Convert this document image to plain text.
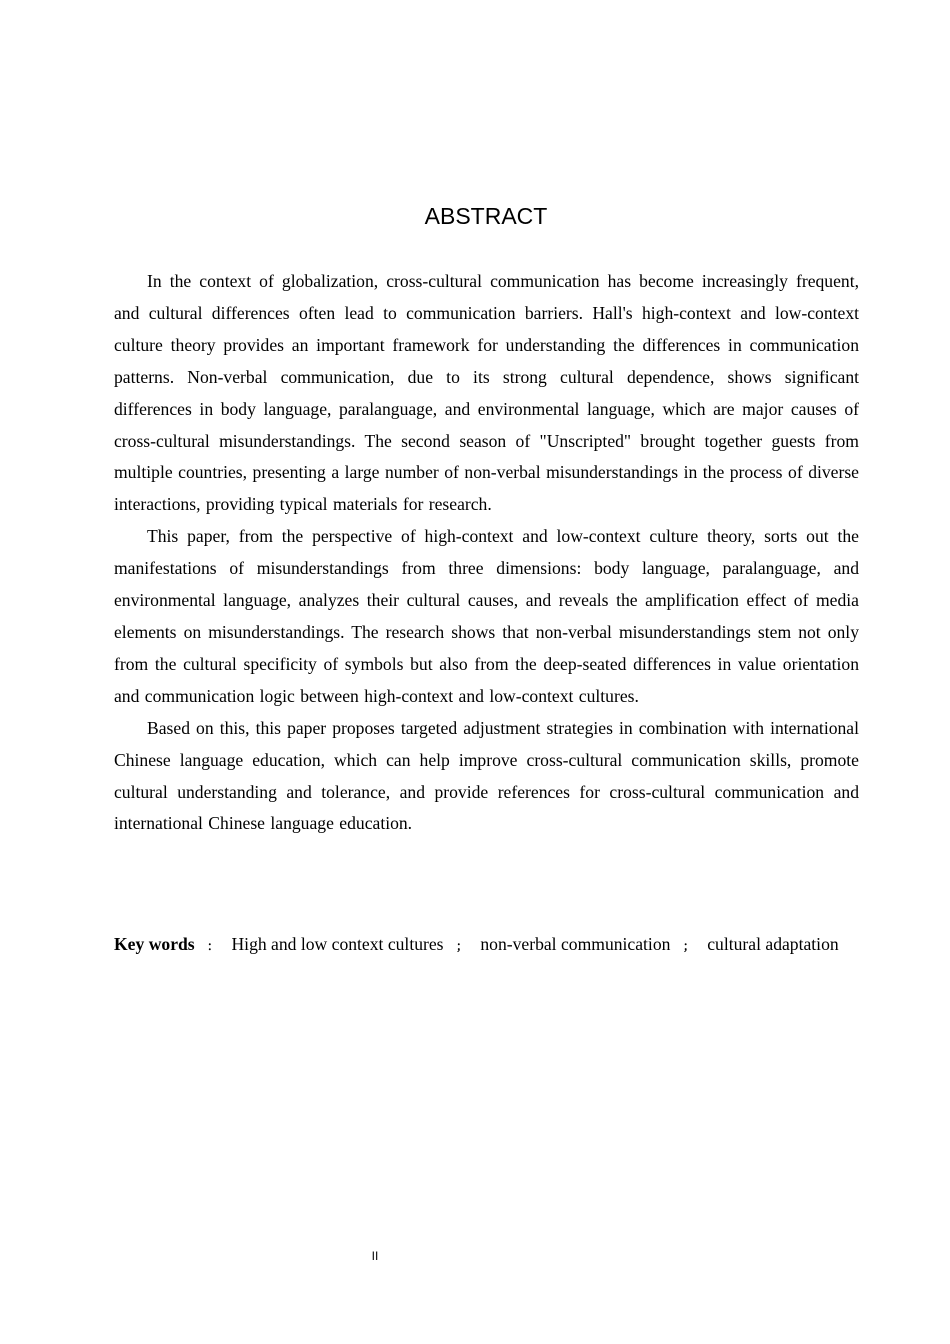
ABSTRACT

In the context of globalization, cross-cultural communication has become increasingly frequent, and cultural differences often lead to communication barriers. Hall's high-context and low-context culture theory provides an important framework for understanding the differences in communication patterns. Non-verbal communication, due to its strong cultural dependence, shows significant differences in body language, paralanguage, and environmental language, which are major causes of cross-cultural misunderstandings. The second season of "Unscripted" brought together guests from multiple countries, presenting a large number of non-verbal misunderstandings in the process of diverse interactions, providing typical materials for research.

This paper, from the perspective of high-context and low-context culture theory, sorts out the manifestations of misunderstandings from three dimensions: body language, paralanguage, and environmental language, analyzes their cultural causes, and reveals the amplification effect of media elements on misunderstandings. The research shows that non-verbal misunderstandings stem not only from the cultural specificity of symbols but also from the deep-seated differences in value orientation and communication logic between high-context and low-context cultures.

Based on this, this paper proposes targeted adjustment strategies in combination with international Chinese language education, which can help improve cross-cultural communication skills, promote cultural understanding and tolerance, and provide references for cross-cultural communication and international Chinese language education.

Key words ： High and low context cultures ； non-verbal communication ； cultural adaptation
II
